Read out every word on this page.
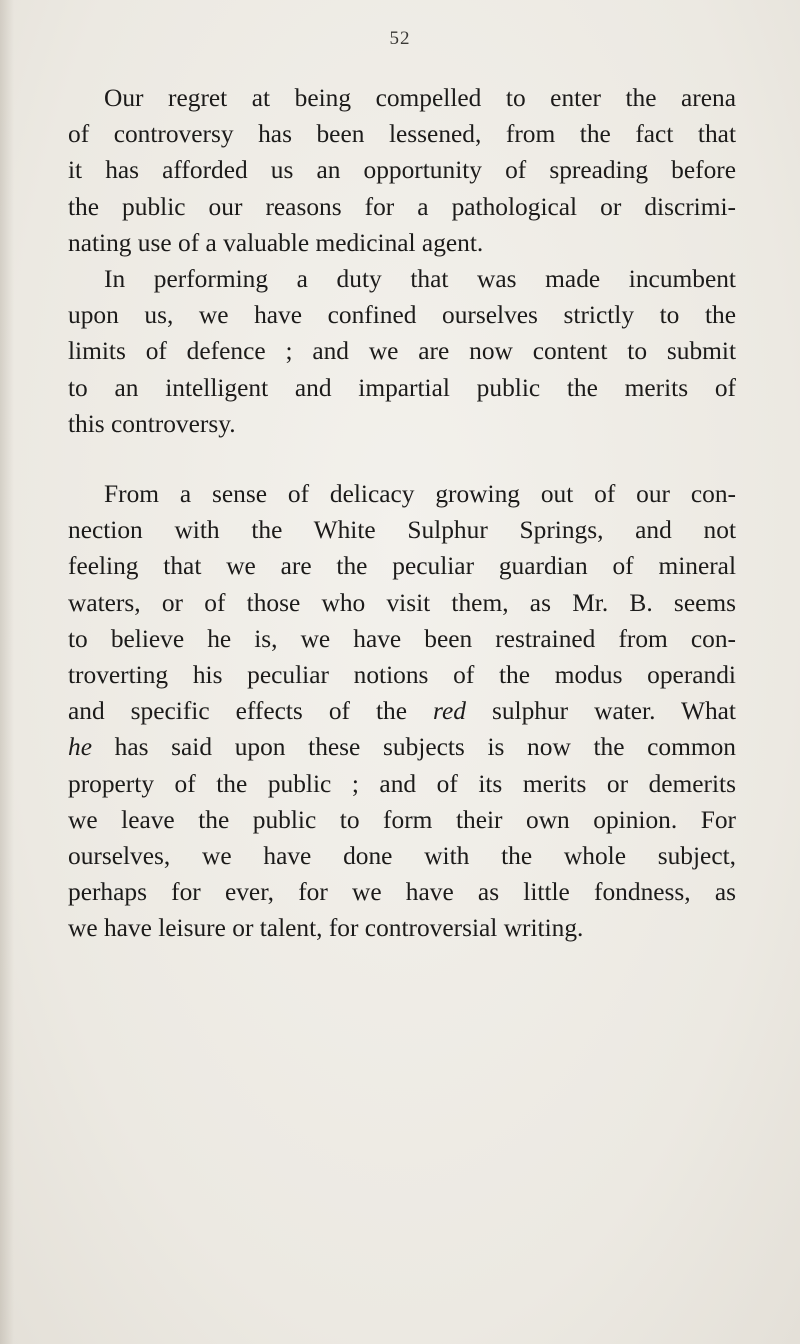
52
Our regret at being compelled to enter the arena
of controversy has been lessened, from the fact that
it has afforded us an opportunity of spreading before
the public our reasons for a pathological or discrimi-
nating use of a valuable medicinal agent.
In performing a duty that was made incumbent
upon us, we have confined ourselves strictly to the
limits of defence ; and we are now content to submit
to an intelligent and impartial public the merits of
this controversy.
From a sense of delicacy growing out of our con-
nection with the White Sulphur Springs, and not
feeling that we are the peculiar guardian of mineral
waters, or of those who visit them, as Mr. B. seems
to believe he is, we have been restrained from con-
troverting his peculiar notions of the modus operandi
and specific effects of the red sulphur water. What
he has said upon these subjects is now the common
property of the public ; and of its merits or demerits
we leave the public to form their own opinion. For
ourselves, we have done with the whole subject,
perhaps for ever, for we have as little fondness, as
we have leisure or talent, for controversial writing.
